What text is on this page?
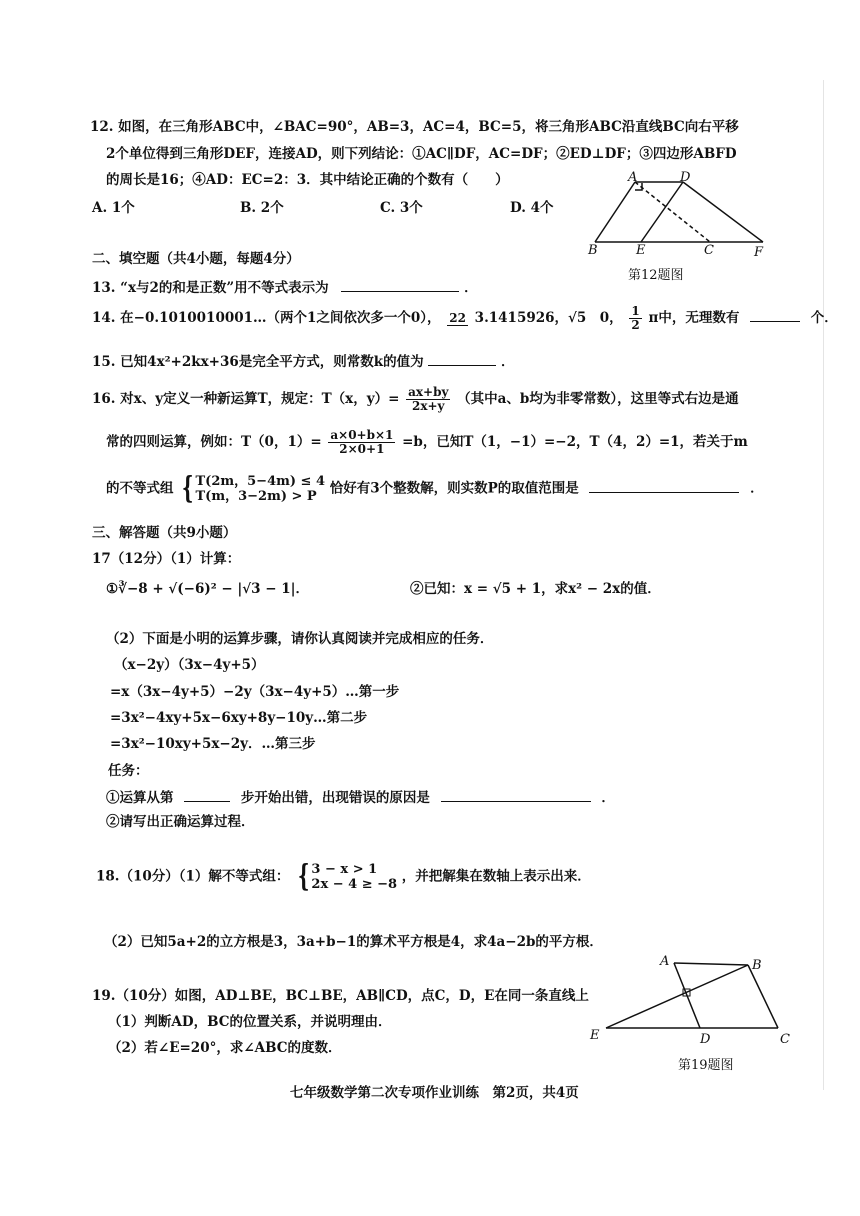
12. 如图，在三角形ABC中，∠BAC=90°，AB=3，AC=4，BC=5，将三角形ABC沿直线BC向右平移
2个单位得到三角形DEF，连接AD，则下列结论：①AC∥DF，AC=DF；②ED⊥DF；③四边形ABFD
的周长是16；④AD：EC=2：3．其中结论正确的个数有（　　）
A. 1个	B. 2个	C. 3个	D. 4个
A	D
B	E	C	F
第12题图
二、填空题（共4小题，每题4分）
13. “x与2的和是正数”用不等式表示为	．
14. 在−0.1010010001…（两个1之间依次多一个0）， 22 3.1415926，√5　0， $\frac{1}{2}$ π中，无理数有	个．
15. 已知4x²+2kx+36是完全平方式，则常数k的值为	．
16. 对x、y定义一种新运算T，规定：T（x，$y)= \frac{ax+by}{2x+y}$ （其中a、b均为非零常数），这里等式右边是通
常的四则运算，例如：T（0，$1)= \frac{a\times 0+b\times 1}{2\times 0+1} =b$，已知T（1，−1）=−2，T（4，2）=1，若关于m
的不等式组 { T(2m，5−4m) ≤ 4
T(m，3−2m) > P 恰好有3个整数解，则实数P的取值范围是	．
三、解答题（共9小题）
17（12分）（1）计算：
①∛−8 + √(−6)² − |√3 − 1|．	②已知：x = √5 + 1，求x² − 2x的值．
（2）下面是小明的运算步骤，请你认真阅读并完成相应的任务．
（x−2y）（3x−4y+5）
=x（3x−4y+5）−2y（3x−4y+5）…第一步
=3x²−4xy+5x−6xy+8y−10y…第二步
=3x²−10xy+5x−2y．…第三步
任务：
①运算从第	步开始出错，出现错误的原因是	．
②请写出正确运算过程．
18.（10分）（1）解不等式组： { 3 − x > 1
2x − 4 ≥ −8 ，并把解集在数轴上表示出来．
（2）已知5a+2的立方根是3，3a+b−1的算术平方根是4，求4a−2b的平方根．
19.（10分）如图，AD⊥BE，BC⊥BE，AB∥CD，点C，D，E在同一条直线上
（1）判断AD，BC的位置关系，并说明理由．
（2）若∠E=20°，求∠ABC的度数．
A	B
E	D	C
第19题图
七年级数学第二次专项作业训练　第2页，共4页
